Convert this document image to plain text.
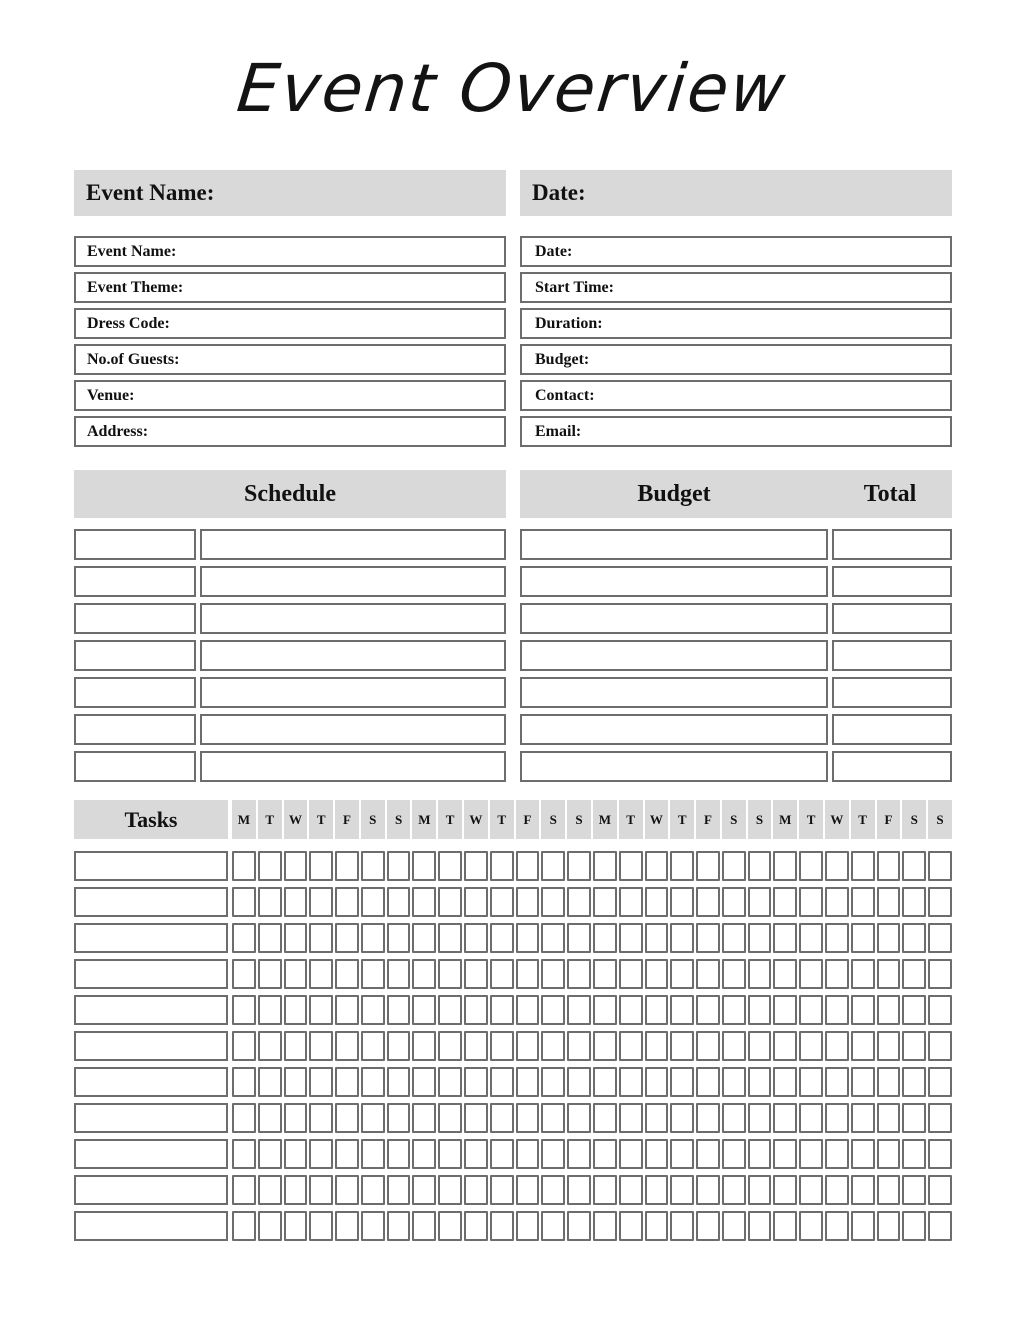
Event Overview
Event Name:
Event Name:
Event Theme:
Dress Code:
No.of Guests:
Venue:
Address:
Date:
Date:
Start Time:
Duration:
Budget:
Contact:
Email:
Schedule	Budget	Total
Tasks	M	T	W	T	F	S	S	M	T	W	T	F	S	S	M	T	W	T	F	S	S	M	T	W	T	F	S	S
